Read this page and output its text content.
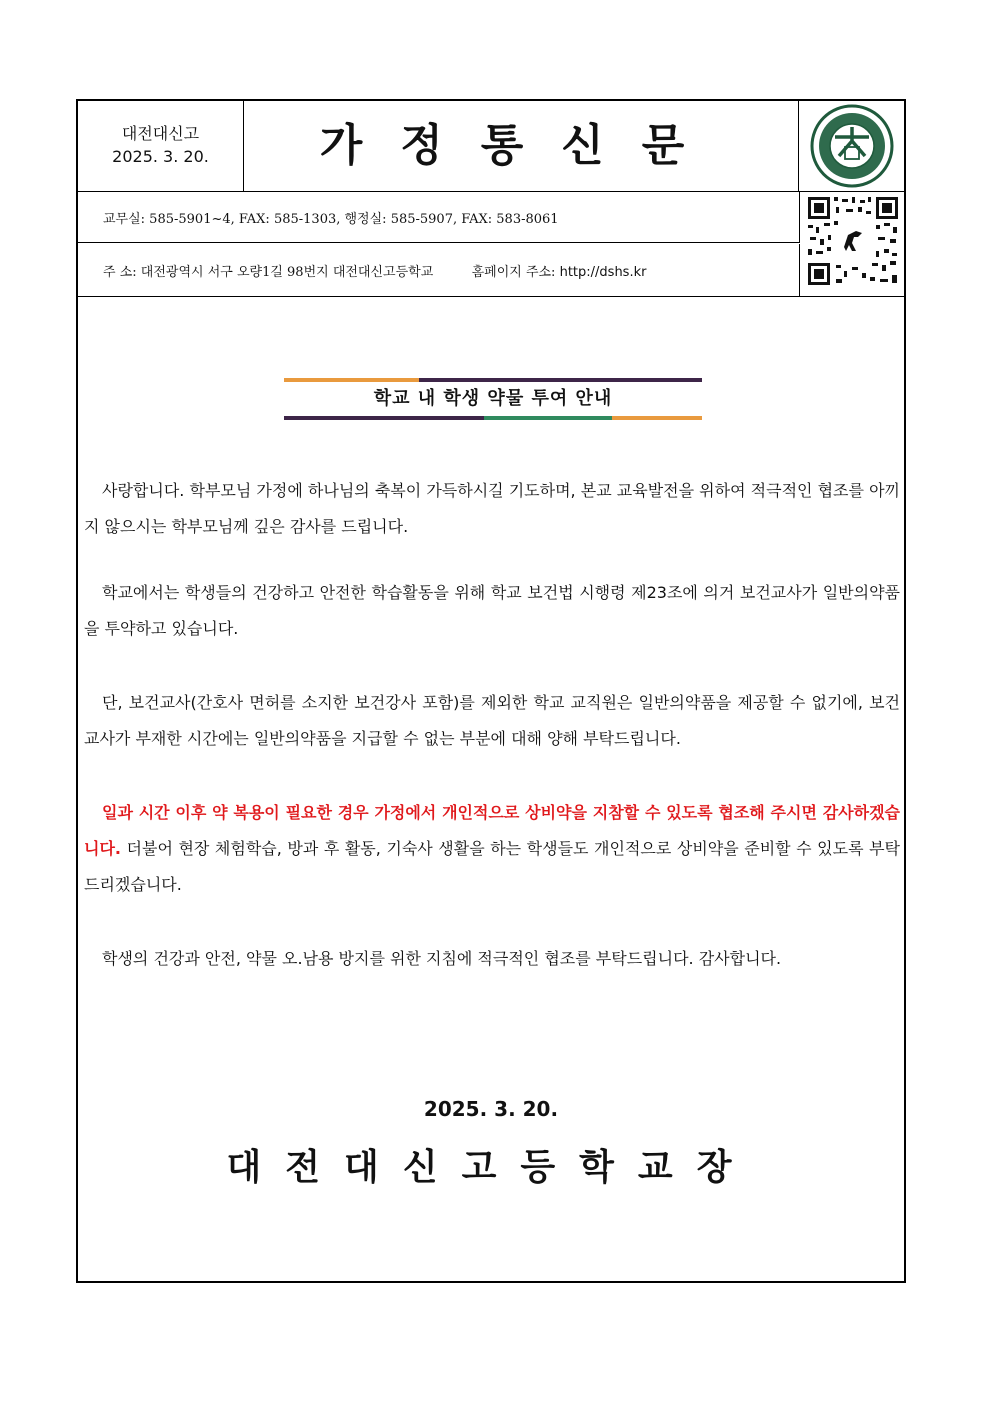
대전대신고
2025. 3. 20.	가정통신문
교무실: 585-5901~4, FAX: 585-1303, 행정실: 585-5907, FAX: 583-8061
주 소: 대전광역시 서구 오량1길 98번지 대전대신고등학교	홈페이지 주소: http://dshs.kr
학교 내 학생 약물 투여 안내
사랑합니다. 학부모님 가정에 하나님의 축복이 가득하시길 기도하며, 본교 교육발전을 위하여 적극적인 협조를 아끼지 않으시는 학부모님께 깊은 감사를 드립니다.
학교에서는 학생들의 건강하고 안전한 학습활동을 위해 학교 보건법 시행령 제23조에 의거 보건교사가 일반의약품을 투약하고 있습니다.
단, 보건교사(간호사 면허를 소지한 보건강사 포함)를 제외한 학교 교직원은 일반의약품을 제공할 수 없기에, 보건교사가 부재한 시간에는 일반의약품을 지급할 수 없는 부분에 대해 양해 부탁드립니다.
일과 시간 이후 약 복용이 필요한 경우 가정에서 개인적으로 상비약을 지참할 수 있도록 협조해 주시면 감사하겠습니다. 더불어 현장 체험학습, 방과 후 활동, 기숙사 생활을 하는 학생들도 개인적으로 상비약을 준비할 수 있도록 부탁드리겠습니다.
학생의 건강과 안전, 약물 오.남용 방지를 위한 지침에 적극적인 협조를 부탁드립니다. 감사합니다.
2025. 3. 20.
대전대신고등학교장
